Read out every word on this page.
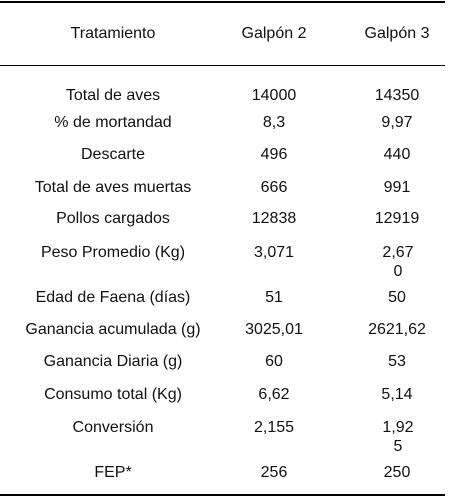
Tratamiento	Galpón 2	Galpón 3
Total de aves	14000	14350
% de mortandad	8,3	9,97
Descarte	496	440
Total de aves muertas	666	991
Pollos cargados	12838	12919
Peso Promedio (Kg)	3,071	2,67
0
Edad de Faena (días)	51	50
Ganancia acumulada (g)	3025,01	2621,62
Ganancia Diaria (g)	60	53
Consumo total (Kg)	6,62	5,14
Conversión	2,155	1,92
5
FEP*	256	250
